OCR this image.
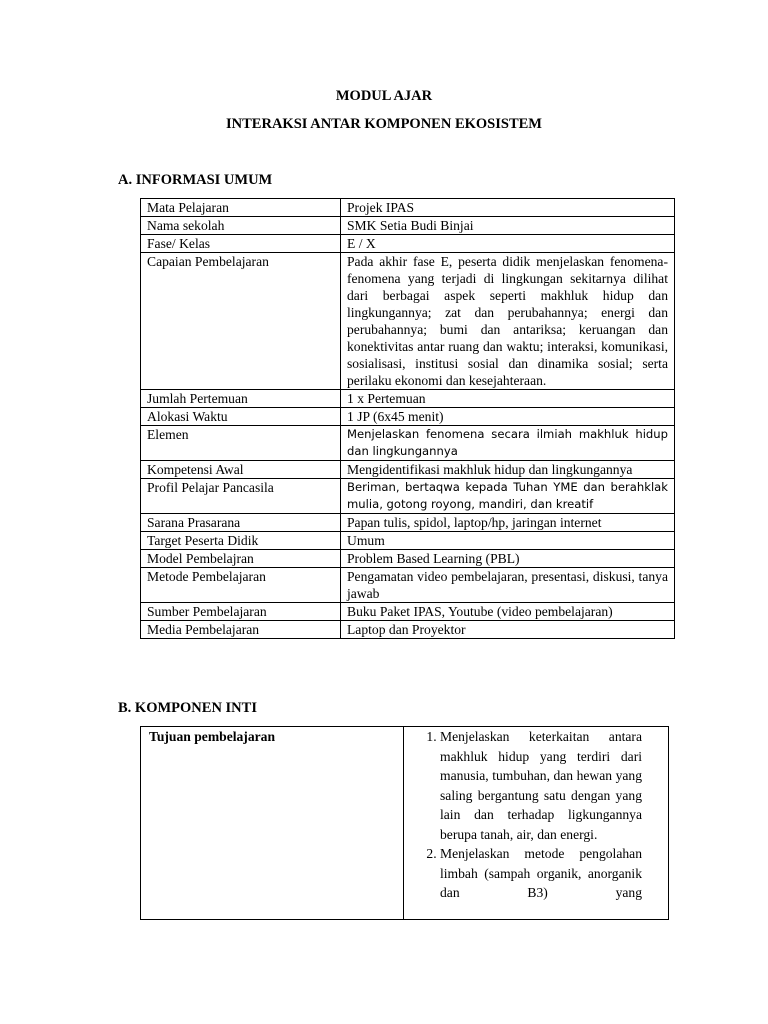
MODUL AJAR
INTERAKSI ANTAR KOMPONEN EKOSISTEM
A. INFORMASI UMUM
Mata Pelajaran	Projek IPAS
Nama sekolah	SMK Setia Budi Binjai
Fase/ Kelas	E / X
Capaian Pembelajaran	Pada akhir fase E, peserta didik menjelaskan fenomena-fenomena yang terjadi di lingkungan sekitarnya dilihat dari berbagai aspek seperti makhluk hidup dan lingkungannya; zat dan perubahannya; energi dan perubahannya; bumi dan antariksa; keruangan dan konektivitas antar ruang dan waktu; interaksi, komunikasi, sosialisasi, institusi sosial dan dinamika sosial; serta perilaku ekonomi dan kesejahteraan.
Jumlah Pertemuan	1 x Pertemuan
Alokasi Waktu	1 JP (6x45 menit)
Elemen	Menjelaskan fenomena secara ilmiah makhluk hidup dan lingkungannya
Kompetensi Awal	Mengidentifikasi makhluk hidup dan lingkungannya
Profil Pelajar Pancasila	Beriman, bertaqwa kepada Tuhan YME dan berahklak mulia, gotong royong, mandiri, dan kreatif
Sarana Prasarana	Papan tulis, spidol, laptop/hp, jaringan internet
Target Peserta Didik	Umum
Model Pembelajran	Problem Based Learning (PBL)
Metode Pembelajaran	Pengamatan video pembelajaran, presentasi, diskusi, tanya jawab
Sumber Pembelajaran	Buku Paket IPAS, Youtube (video pembelajaran)
Media Pembelajaran	Laptop dan Proyektor
B. KOMPONEN INTI
Tujuan pembelajaran	
1.Menjelaskan keterkaitan antara makhluk hidup yang terdiri dari manusia, tumbuhan, dan hewan yang saling bergantung satu dengan yang lain dan terhadap ligkungannya berupa tanah, air, dan energi.
2. Menjelaskan metode pengolahan limbah (sampah organik, anorganik dan B3) yang
